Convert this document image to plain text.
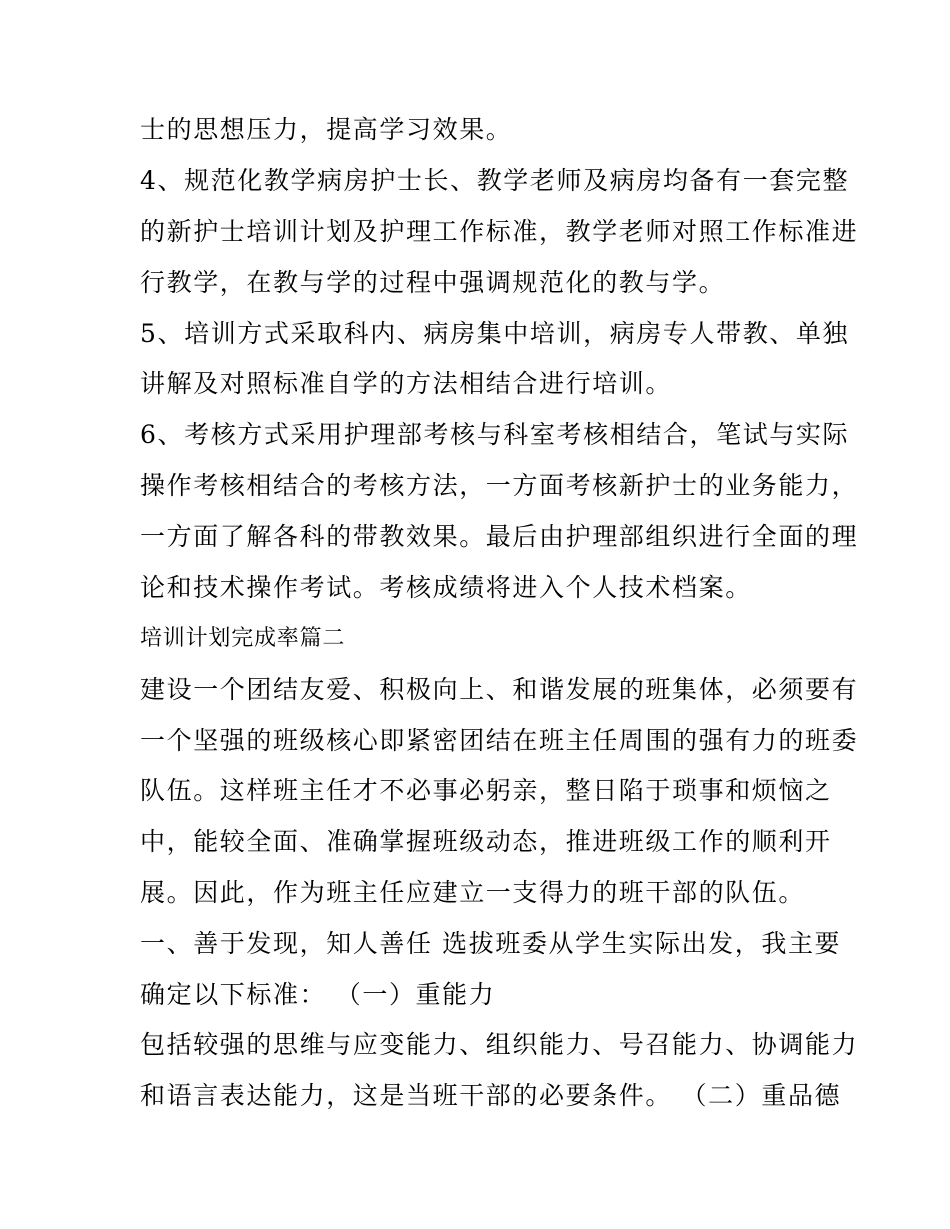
士的思想压力，提高学习效果。
4、规范化教学病房护士长、教学老师及病房均备有一套完整
的新护士培训计划及护理工作标准，教学老师对照工作标准进
行教学，在教与学的过程中强调规范化的教与学。
5、培训方式采取科内、病房集中培训，病房专人带教、单独
讲解及对照标准自学的方法相结合进行培训。
6、考核方式采用护理部考核与科室考核相结合，笔试与实际
操作考核相结合的考核方法，一方面考核新护士的业务能力，
一方面了解各科的带教效果。最后由护理部组织进行全面的理
论和技术操作考试。考核成绩将进入个人技术档案。
培训计划完成率篇二
建设一个团结友爱、积极向上、和谐发展的班集体，必须要有
一个坚强的班级核心即紧密团结在班主任周围的强有力的班委
队伍。这样班主任才不必事必躬亲，整日陷于琐事和烦恼之
中，能较全面、准确掌握班级动态，推进班级工作的顺利开
展。因此，作为班主任应建立一支得力的班干部的队伍。
一、善于发现，知人善任 选拔班委从学生实际出发，我主要
确定以下标准： （一）重能力
包括较强的思维与应变能力、组织能力、号召能力、协调能力
和语言表达能力，这是当班干部的必要条件。 （二）重品德
